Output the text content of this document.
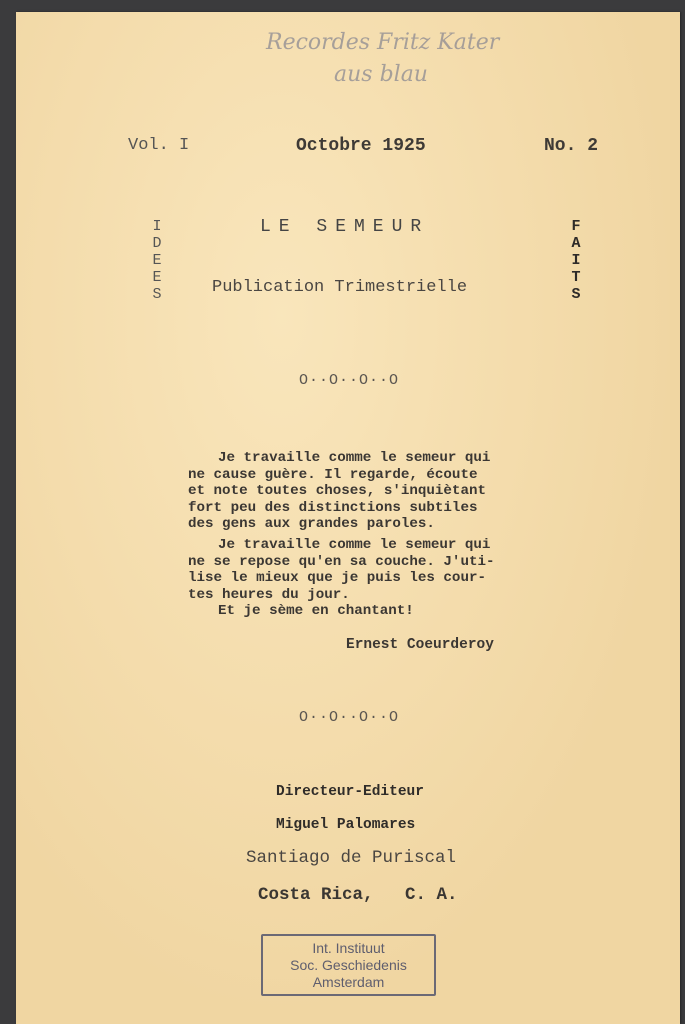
Recordes Fritz Kater
aus blau
Vol. I	Octobre 1925	No. 2
I
D
E
E
S
F
A
I
T
S
LE SEMEUR
Publication Trimestrielle
O··O··O··O

Je travaille comme le semeur qui

ne cause guère. Il regarde, écoute

et note toutes choses, s'inquiètant

fort peu des distinctions subtiles

des gens aux grandes paroles.

Je travaille comme le semeur qui

ne se repose qu'en sa couche. J'uti-

lise le mieux que je puis les cour-

tes heures du jour.

Et je sème en chantant!

Ernest Coeurderoy
O··O··O··O
Directeur-Editeur
Miguel Palomares
Santiago de Puriscal
Costa Rica,   C. A.
Int. Instituut
Soc. Geschiedenis
Amsterdam
